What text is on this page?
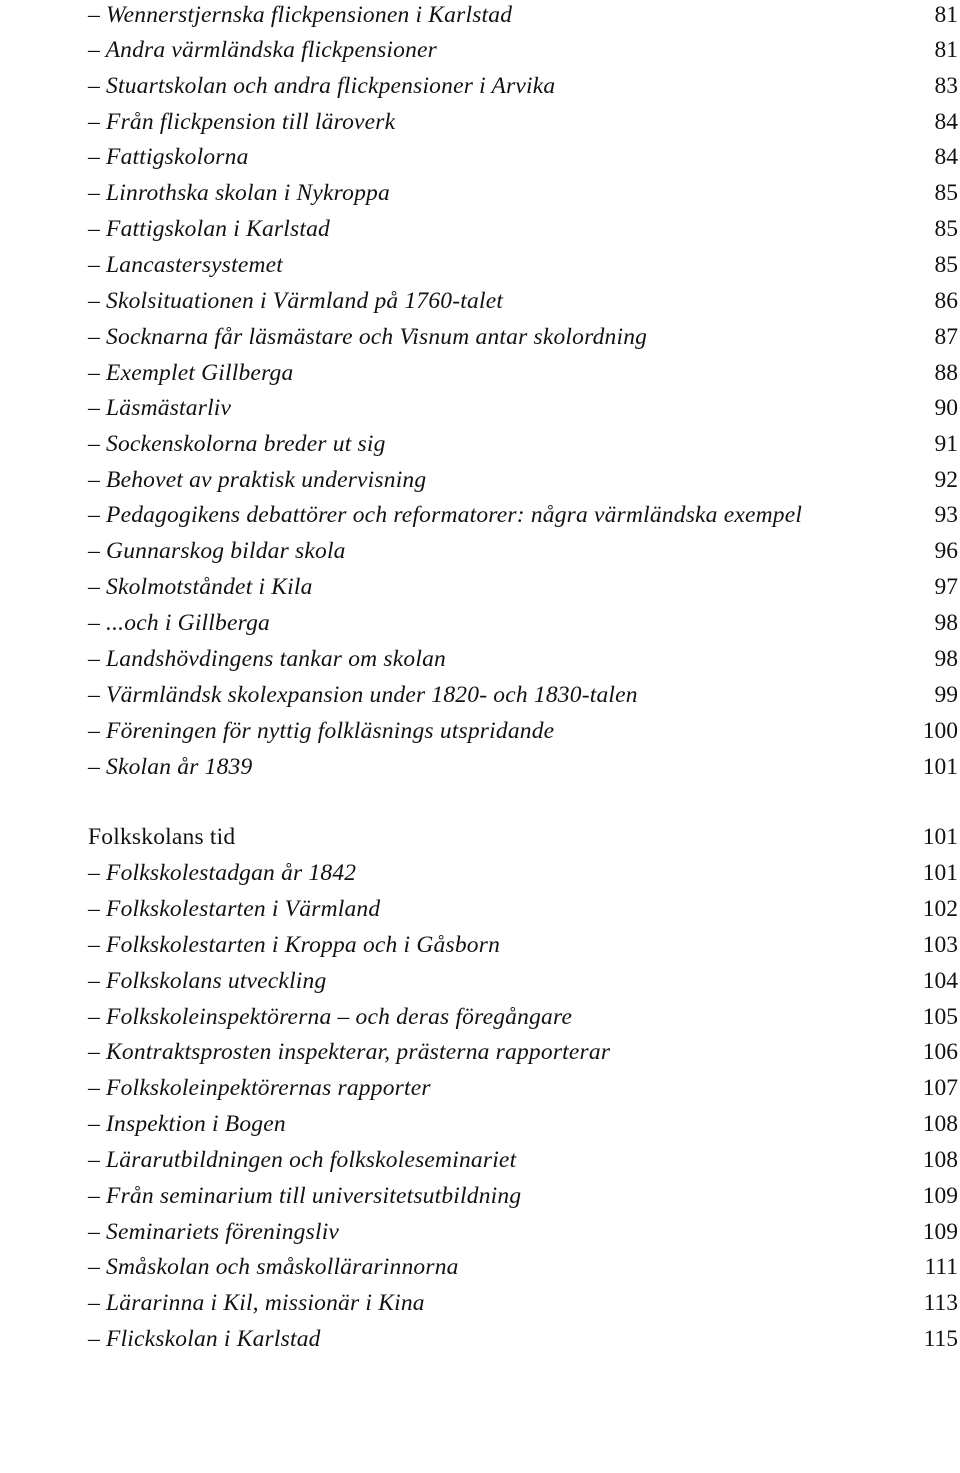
– Wennerstjernska flickpensionen i Karlstad	81
– Andra värmländska flickpensioner	81
– Stuartskolan och andra flickpensioner i Arvika	83
– Från flickpension till läroverk	84
– Fattigskolorna	84
– Linrothska skolan i Nykroppa	85
– Fattigskolan i Karlstad	85
– Lancastersystemet	85
– Skolsituationen i Värmland på 1760-talet	86
– Socknarna får läsmästare och Visnum antar skolordning	87
– Exemplet Gillberga	88
– Läsmästarliv	90
– Sockenskolorna breder ut sig	91
– Behovet av praktisk undervisning	92
– Pedagogikens debattörer och reformatorer: några värmländska exempel	93
– Gunnarskog bildar skola	96
– Skolmotståndet i Kila	97
– ...och i Gillberga	98
– Landshövdingens tankar om skolan	98
– Värmländsk skolexpansion under 1820- och 1830-talen	99
– Föreningen för nyttig folkläsnings utspridande	100
– Skolan år 1839	101
Folkskolans tid	101
– Folkskolestadgan år 1842	101
– Folkskolestarten i Värmland	102
– Folkskolestarten i Kroppa och i Gåsborn	103
– Folkskolans utveckling	104
– Folkskoleinspektörerna – och deras föregångare	105
– Kontraktsprosten inspekterar, prästerna rapporterar	106
– Folkskoleinpektörernas rapporter	107
– Inspektion i Bogen	108
– Lärarutbildningen och folkskoleseminariet	108
– Från seminarium till universitetsutbildning	109
– Seminariets föreningsliv	109
– Småskolan och småskollärarinnorna	111
– Lärarinna i Kil, missionär i Kina	113
– Flickskolan i Karlstad	115
